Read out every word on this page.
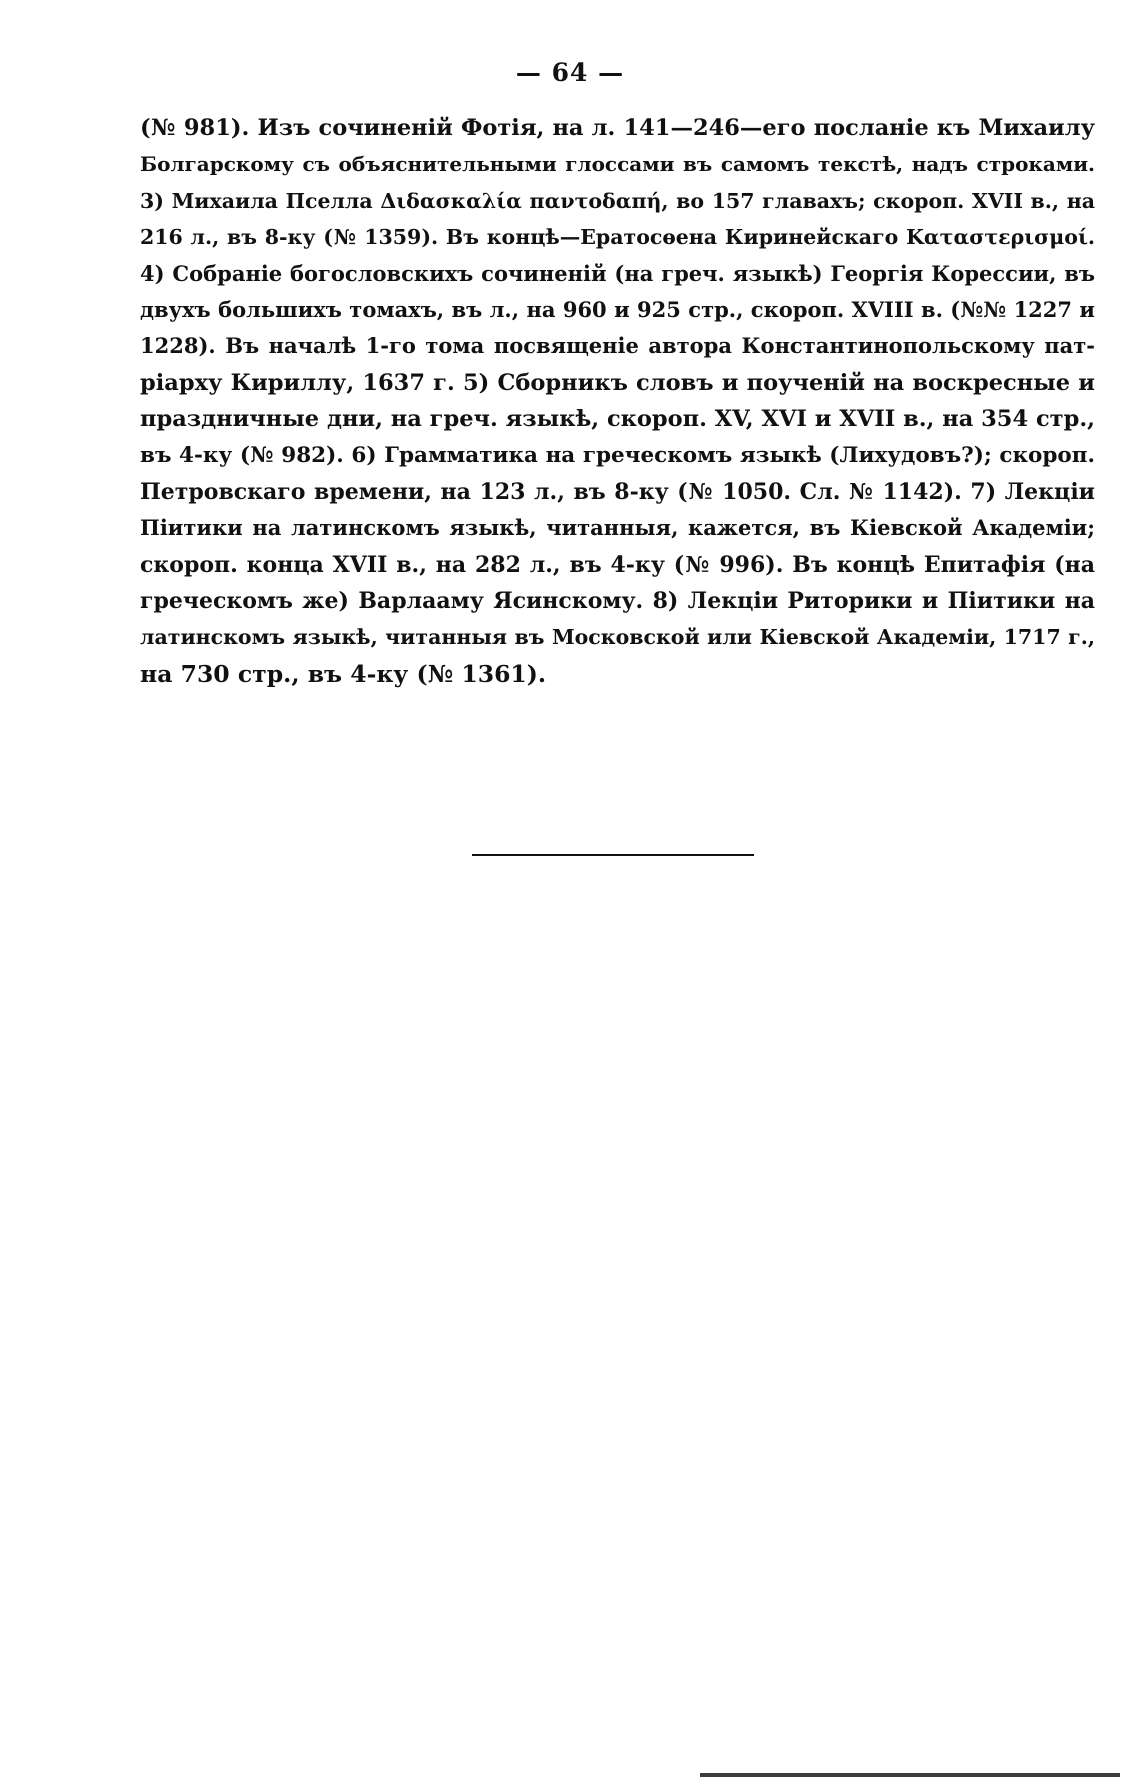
— 64 —
(№ 981). Изъ сочиненій Фотія, на л. 141—246—его посланіе къ Михаилу
Болгарскому съ объяснительными глоссами въ самомъ текстѣ, надъ строками.
3) Михаила Пселла Διδασκαλία παντοδαπή, во 157 главахъ; скороп. XVII в., на
216 л., въ 8-ку (№ 1359). Въ концѣ—Ератосѳена Киринейскаго Καταστερισμοί.
4) Собраніе богословскихъ сочиненій (на греч. языкѣ) Георгія Корессии, въ
двухъ большихъ томахъ, въ л., на 960 и 925 стр., скороп. XVIII в. (№№ 1227 и
1228). Въ началѣ 1-го тома посвященіе автора Константинопольскому пат-
ріарху Кириллу, 1637 г. 5) Сборникъ словъ и поученій на воскресные и
праздничные дни, на греч. языкѣ, скороп. XV, XVI и XVII в., на 354 стр.,
въ 4-ку (№ 982). 6) Грамматика на греческомъ языкѣ (Лихудовъ?); скороп.
Петровскаго времени, на 123 л., въ 8-ку (№ 1050. Сл. № 1142). 7) Лекціи
Піитики на латинскомъ языкѣ, читанныя, кажется, въ Кіевской Академіи;
скороп. конца XVII в., на 282 л., въ 4-ку (№ 996). Въ концѣ Епитафія (на
греческомъ же) Варлааму Ясинскому. 8) Лекціи Риторики и Піитики на
латинскомъ языкѣ, читанныя въ Московской или Кіевской Академіи, 1717 г.,
на 730 стр., въ 4-ку (№ 1361).
